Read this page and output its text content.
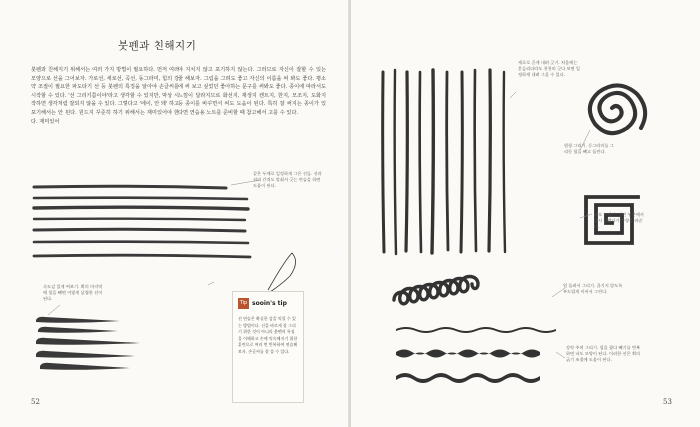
붓펜과 친해지기
붓펜과 친해지기 위해서는 여러 가지 방법이 필요하다. 먼저 여러 모양으로 선을 그어보자. 가로선, 세로선, 곡선, 동그라미, 힘의 강약 조절이 필요한 파도타기 선 등 붓펜의 특징을 알아야 손글씨를 시작할 수 있다. '선 그리기쯤이야'라고 생각할 수 있지만, 막상 시작하면 생각처럼 잘되지 않을 수 있다. 그렇다고 '에이, 안 돼' 하고 포기해서는 안 된다. 원드지 꾸준히 하기 위해서는 재미있어야 한다. 재미있어
야 지치지 않고 포기하지 않는다. 그러므로 자신이 잘할 수 있는 줄 해보자. 그림을 그려도 좋고 자신의 이름을 써 봐도 좋다. 평소에 써 보고 싶었던 좋아하는 문구를 써봐도 좋다. 종이에 따라서도 느낌이 달라지므로 화선지, 재생지 켄트지, 한지, 모조지, 도화지 등 종이를 바꾸면서 써도 도움이 된다. 특히 잘 써지는 종이가 있다면 연습용 노트를 준비할 때 참고해서 고를 수 있다.
같은 두께로 일정하게 그은 선들. 선과 선의 간격도 맞춰서 긋는 연습을 하면 도움이 된다.
속도감 있게 써보기. 획의 마지막에 힘을 빼면 이렇게 날렵한 선이 된다.
Tip sooin's tip
선 연습은 확실한 감을 익힐 수 있는 방법이다. 선을 바르게 잘 그리기 위한 것이 아니라 붓펜의 특징을 이해하고 손에 익숙해지기 위한 훈련으로 여러 번 반복하여 연습해보자. 손글씨를 잘 쓸 수 있다.
52
세로로 곧게 내려 긋기. 처음에는 흔들리더라도 천천히 긋다 보면 일정하게 내려 그을 수 있다.
원형 그리기. 동그라미를 그리듯 힘을 빼고 돌린다.
네모 그리기. 각진 부분에서 잠시 멈췄다가 방향을 바꾼다.
원 돌려서 그리기. 끊기지 않도록 부드럽게 이어서 그린다.
강약 주며 그리기. 힘을 줬다 빼기를 반복하면 파도 모양이 된다. 이러한 선은 획의 굵기 조절에 도움이 된다.
53
